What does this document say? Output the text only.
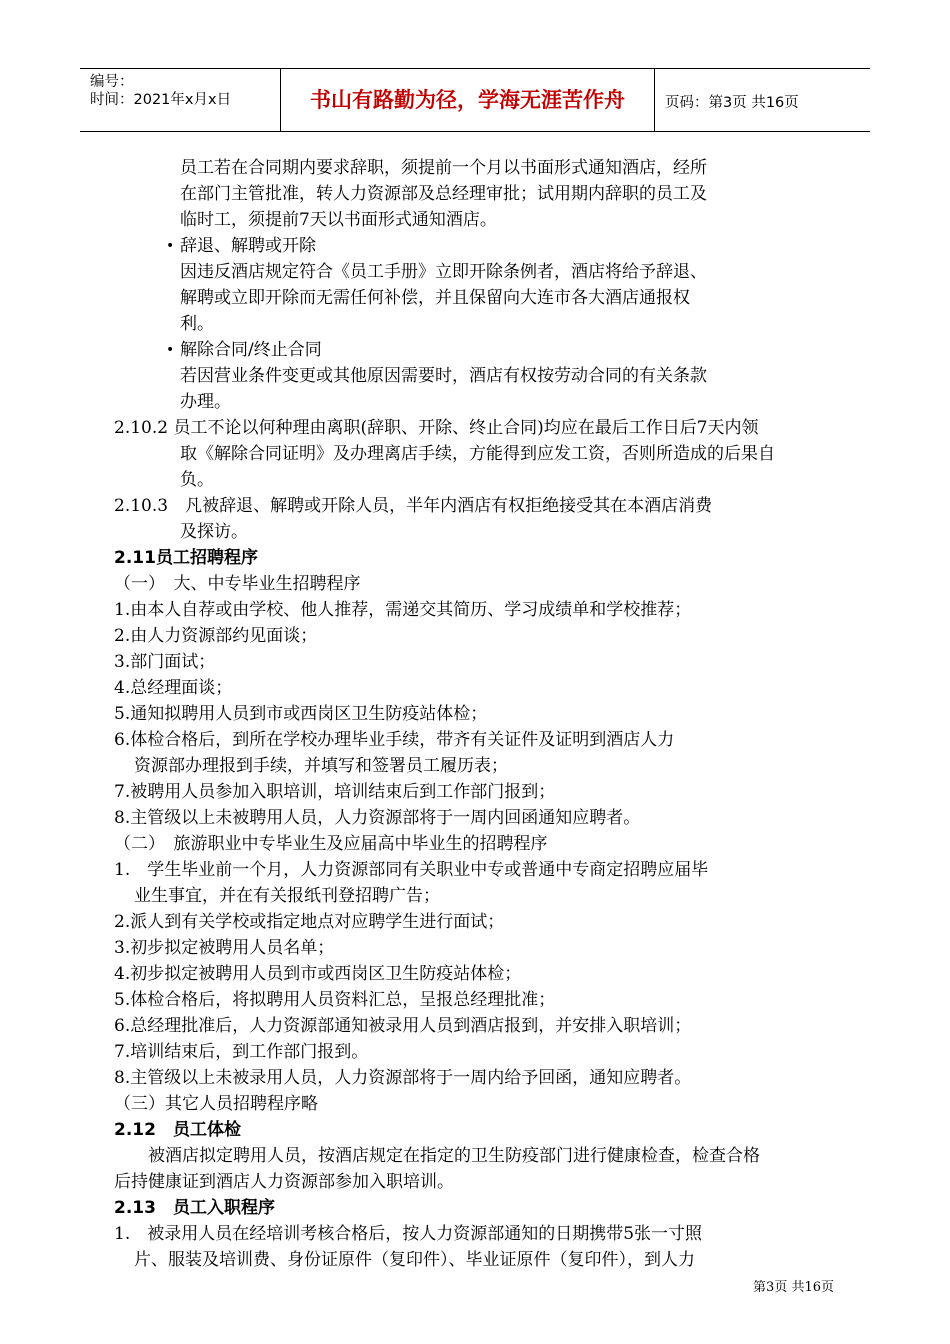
编号：
时间：2021年x月x日	书山有路勤为径，学海无涯苦作舟	页码：第3页 共16页
员工若在合同期内要求辞职，须提前一个月以书面形式通知酒店，经所
在部门主管批准，转人力资源部及总经理审批；试用期内辞职的员工及
临时工，须提前7天以书面形式通知酒店。
• 辞退、解聘或开除
因违反酒店规定符合《员工手册》立即开除条例者，酒店将给予辞退、
解聘或立即开除而无需任何补偿，并且保留向大连市各大酒店通报权
利。
• 解除合同/终止合同
若因营业条件变更或其他原因需要时，酒店有权按劳动合同的有关条款
办理。
2.10.2 员工不论以何种理由离职(辞职、开除、终止合同)均应在最后工作日后7天内领
取《解除合同证明》及办理离店手续，方能得到应发工资，否则所造成的后果自
负。
2.10.3　凡被辞退、解聘或开除人员，半年内酒店有权拒绝接受其在本酒店消费
及探访。
2.11员工招聘程序
（一）　大、中专毕业生招聘程序
1.由本人自荐或由学校、他人推荐，需递交其简历、学习成绩单和学校推荐；
2.由人力资源部约见面谈；
3.部门面试；
4.总经理面谈；
5.通知拟聘用人员到市或西岗区卫生防疫站体检；
6.体检合格后，到所在学校办理毕业手续，带齐有关证件及证明到酒店人力
资源部办理报到手续，并填写和签署员工履历表；
7.被聘用人员参加入职培训，培训结束后到工作部门报到；
8.主管级以上未被聘用人员，人力资源部将于一周内回函通知应聘者。
（二）　旅游职业中专毕业生及应届高中毕业生的招聘程序
1.　学生毕业前一个月，人力资源部同有关职业中专或普通中专商定招聘应届毕
业生事宜，并在有关报纸刊登招聘广告；
2.派人到有关学校或指定地点对应聘学生进行面试；
3.初步拟定被聘用人员名单；
4.初步拟定被聘用人员到市或西岗区卫生防疫站体检；
5.体检合格后，将拟聘用人员资料汇总，呈报总经理批准；
6.总经理批准后，人力资源部通知被录用人员到酒店报到，并安排入职培训；
7.培训结束后，到工作部门报到。
8.主管级以上未被录用人员，人力资源部将于一周内给予回函，通知应聘者。
（三）其它人员招聘程序略
2.12　员工体检
被酒店拟定聘用人员，按酒店规定在指定的卫生防疫部门进行健康检查，检查合格
后持健康证到酒店人力资源部参加入职培训。
2.13　员工入职程序
1.　被录用人员在经培训考核合格后，按人力资源部通知的日期携带5张一寸照
片、服装及培训费、身份证原件（复印件）、毕业证原件（复印件），到人力
第3页 共16页
